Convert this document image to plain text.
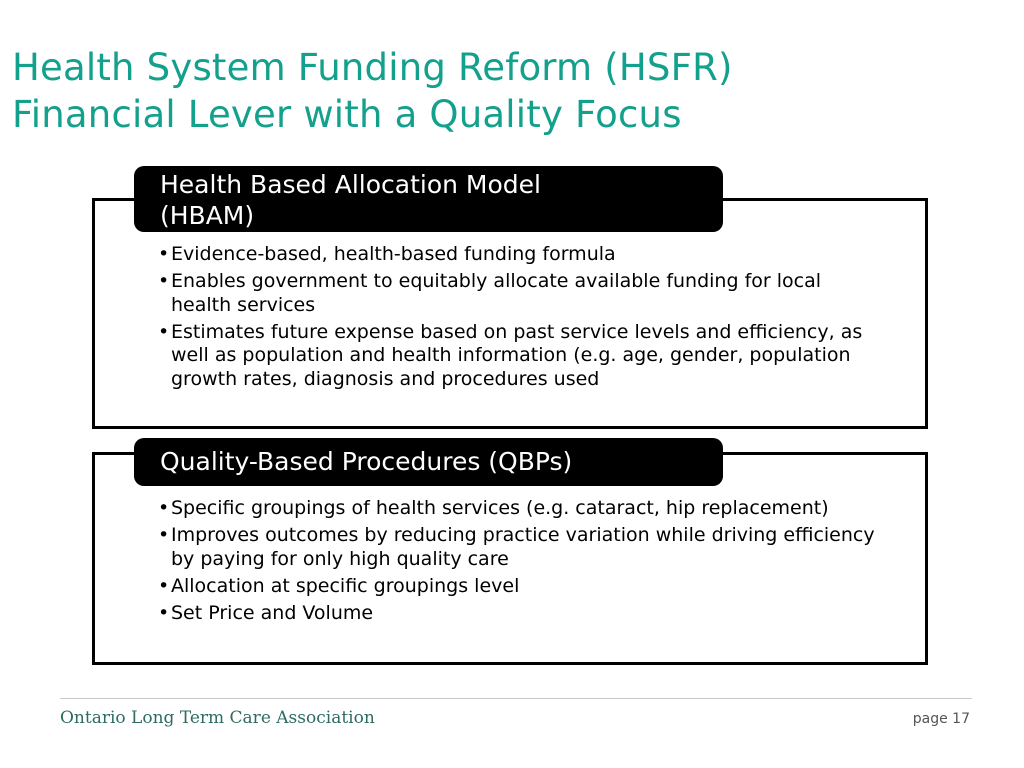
Health System Funding Reform (HSFR)
Financial Lever with a Quality Focus
Health Based Allocation Model
(HBAM)
• Evidence-based, health-based funding formula
• Enables government to equitably allocate available funding for local health services
• Estimates future expense based on past service levels and efficiency, as well as population and health information (e.g. age, gender, population growth rates, diagnosis and procedures used
Quality-Based Procedures (QBPs)
• Specific groupings of health services (e.g. cataract, hip replacement)
• Improves outcomes by reducing practice variation while driving efficiency by paying for only high quality care
• Allocation at specific groupings level
• Set Price and Volume
Ontario Long Term Care Association	page 17
